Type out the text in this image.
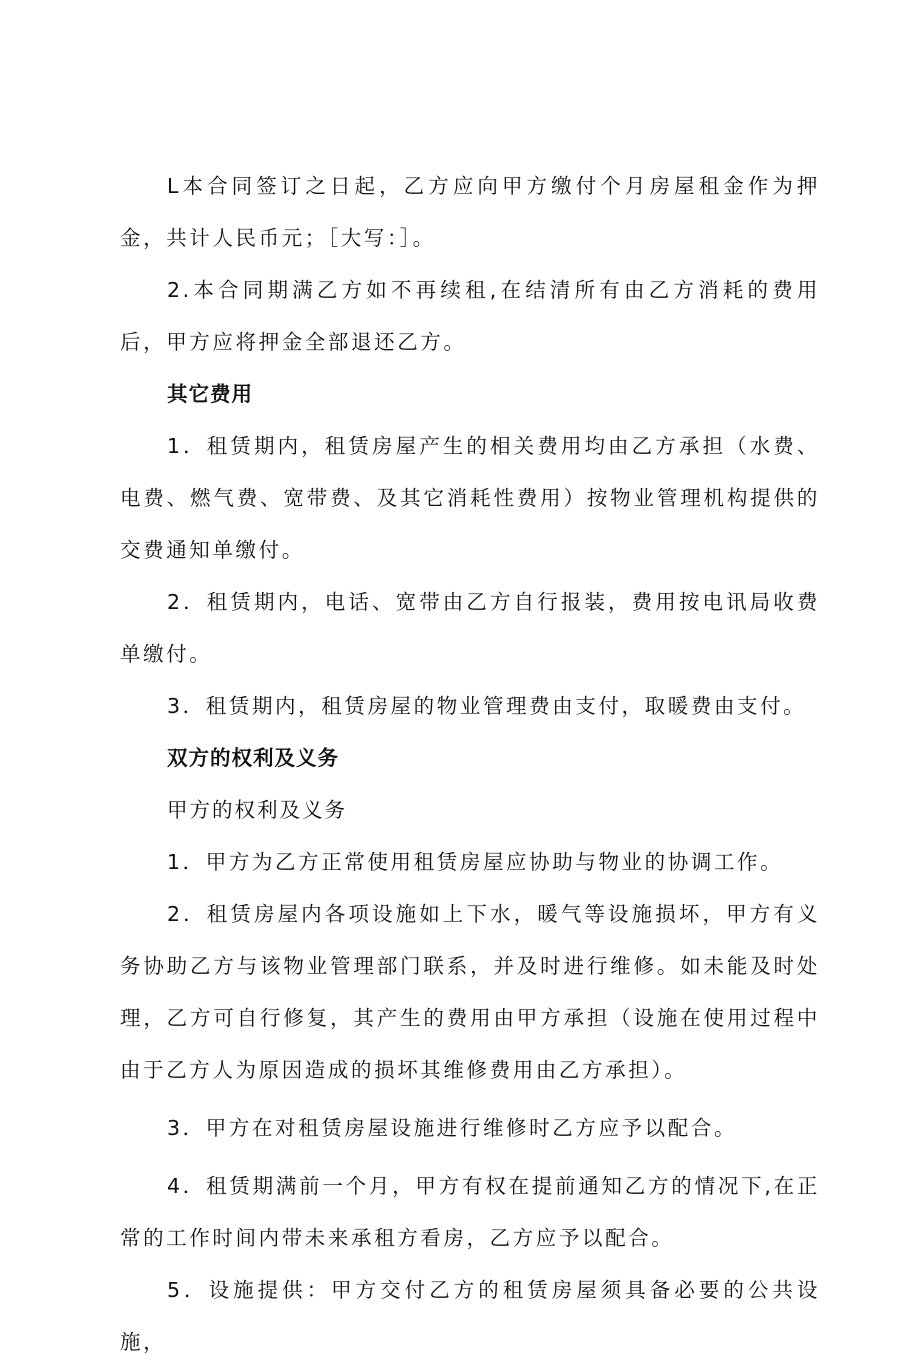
L本合同签订之日起，乙方应向甲方缴付个月房屋租金作为押金，共计人民币元；［大写：］。

2.本合同期满乙方如不再续租,在结清所有由乙方消耗的费用后，甲方应将押金全部退还乙方。

其它费用

1．租赁期内，租赁房屋产生的相关费用均由乙方承担（水费、电费、燃气费、宽带费、及其它消耗性费用）按物业管理机构提供的交费通知单缴付。

2．租赁期内，电话、宽带由乙方自行报装，费用按电讯局收费单缴付。

3．租赁期内，租赁房屋的物业管理费由支付，取暖费由支付。

双方的权利及义务

甲方的权利及义务

1．甲方为乙方正常使用租赁房屋应协助与物业的协调工作。

2．租赁房屋内各项设施如上下水，暖气等设施损坏，甲方有义务协助乙方与该物业管理部门联系，并及时进行维修。如未能及时处理，乙方可自行修复，其产生的费用由甲方承担（设施在使用过程中由于乙方人为原因造成的损坏其维修费用由乙方承担）。

3．甲方在对租赁房屋设施进行维修时乙方应予以配合。

4．租赁期满前一个月，甲方有权在提前通知乙方的情况下,在正常的工作时间内带未来承租方看房，乙方应予以配合。

5．设施提供：甲方交付乙方的租赁房屋须具备必要的公共设施，
